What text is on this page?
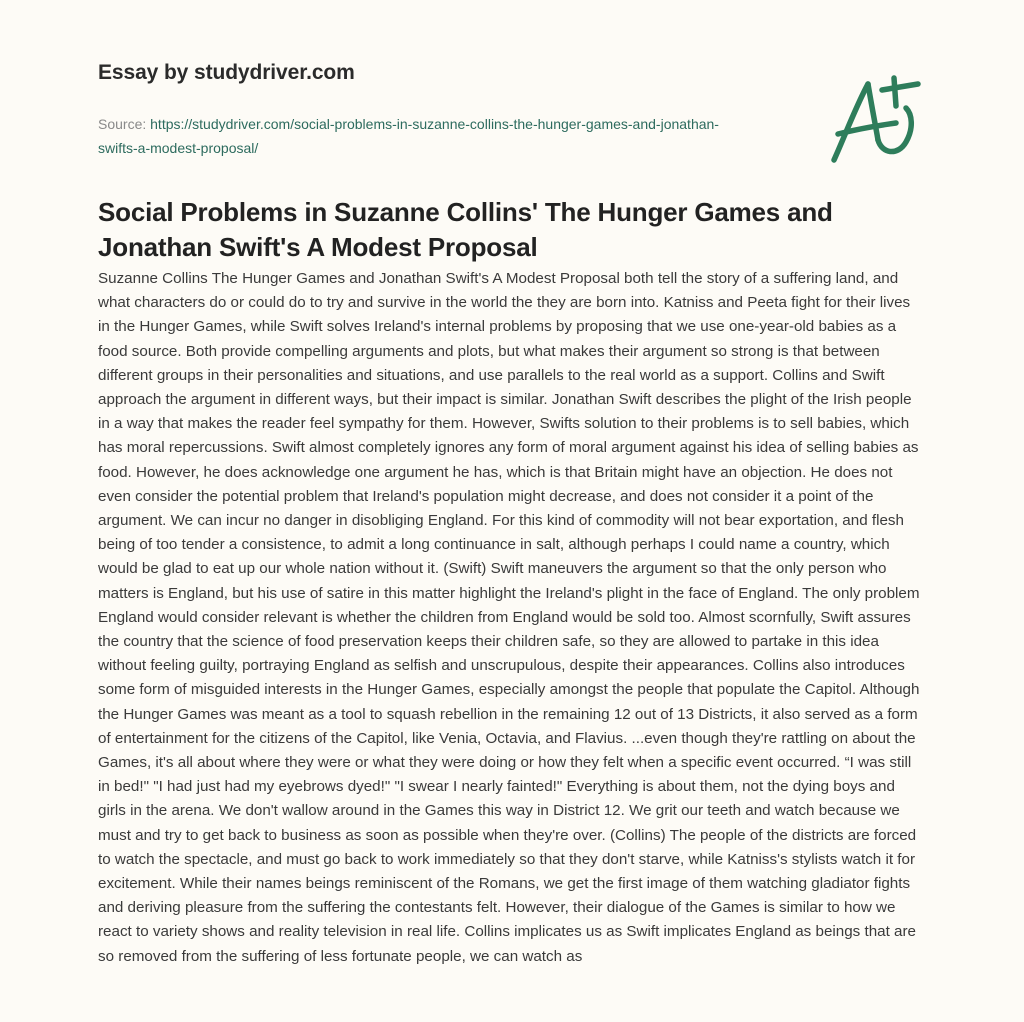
Essay by studydriver.com
Source: https://studydriver.com/social-problems-in-suzanne-collins-the-hunger-games-and-jonathan-swifts-a-modest-proposal/
Social Problems in Suzanne Collins' The Hunger Games and Jonathan Swift's A Modest Proposal

Suzanne Collins The Hunger Games and Jonathan Swift's A Modest Proposal both tell the story of a suffering land, and what characters do or could do to try and survive in the world the they are born into. Katniss and Peeta fight for their lives in the Hunger Games, while Swift solves Ireland's internal problems by proposing that we use one-year-old babies as a food source. Both provide compelling arguments and plots, but what makes their argument so strong is that between different groups in their personalities and situations, and use parallels to the real world as a support. Collins and Swift approach the argument in different ways, but their impact is similar. Jonathan Swift describes the plight of the Irish people in a way that makes the reader feel sympathy for them. However, Swifts solution to their problems is to sell babies, which has moral repercussions. Swift almost completely ignores any form of moral argument against his idea of selling babies as food. However, he does acknowledge one argument he has, which is that Britain might have an objection. He does not even consider the potential problem that Ireland's population might decrease, and does not consider it a point of the argument. We can incur no danger in disobliging England. For this kind of commodity will not bear exportation, and flesh being of too tender a consistence, to admit a long continuance in salt, although perhaps I could name a country, which would be glad to eat up our whole nation without it. (Swift) Swift maneuvers the argument so that the only person who matters is England, but his use of satire in this matter highlight the Ireland's plight in the face of England. The only problem England would consider relevant is whether the children from England would be sold too. Almost scornfully, Swift assures the country that the science of food preservation keeps their children safe, so they are allowed to partake in this idea without feeling guilty, portraying England as selfish and unscrupulous, despite their appearances. Collins also introduces some form of misguided interests in the Hunger Games, especially amongst the people that populate the Capitol. Although the Hunger Games was meant as a tool to squash rebellion in the remaining 12 out of 13 Districts, it also served as a form of entertainment for the citizens of the Capitol, like Venia, Octavia, and Flavius. ...even though they're rattling on about the Games, it's all about where they were or what they were doing or how they felt when a specific event occurred. “I was still in bed!" "I had just had my eyebrows dyed!" "I swear I nearly fainted!" Everything is about them, not the dying boys and girls in the arena. We don't wallow around in the Games this way in District 12. We grit our teeth and watch because we must and try to get back to business as soon as possible when they're over. (Collins) The people of the districts are forced to watch the spectacle, and must go back to work immediately so that they don't starve, while Katniss's stylists watch it for excitement. While their names beings reminiscent of the Romans, we get the first image of them watching gladiator fights and deriving pleasure from the suffering the contestants felt. However, their dialogue of the Games is similar to how we react to variety shows and reality television in real life. Collins implicates us as Swift implicates England as beings that are so removed from the suffering of less fortunate people, we can watch as
